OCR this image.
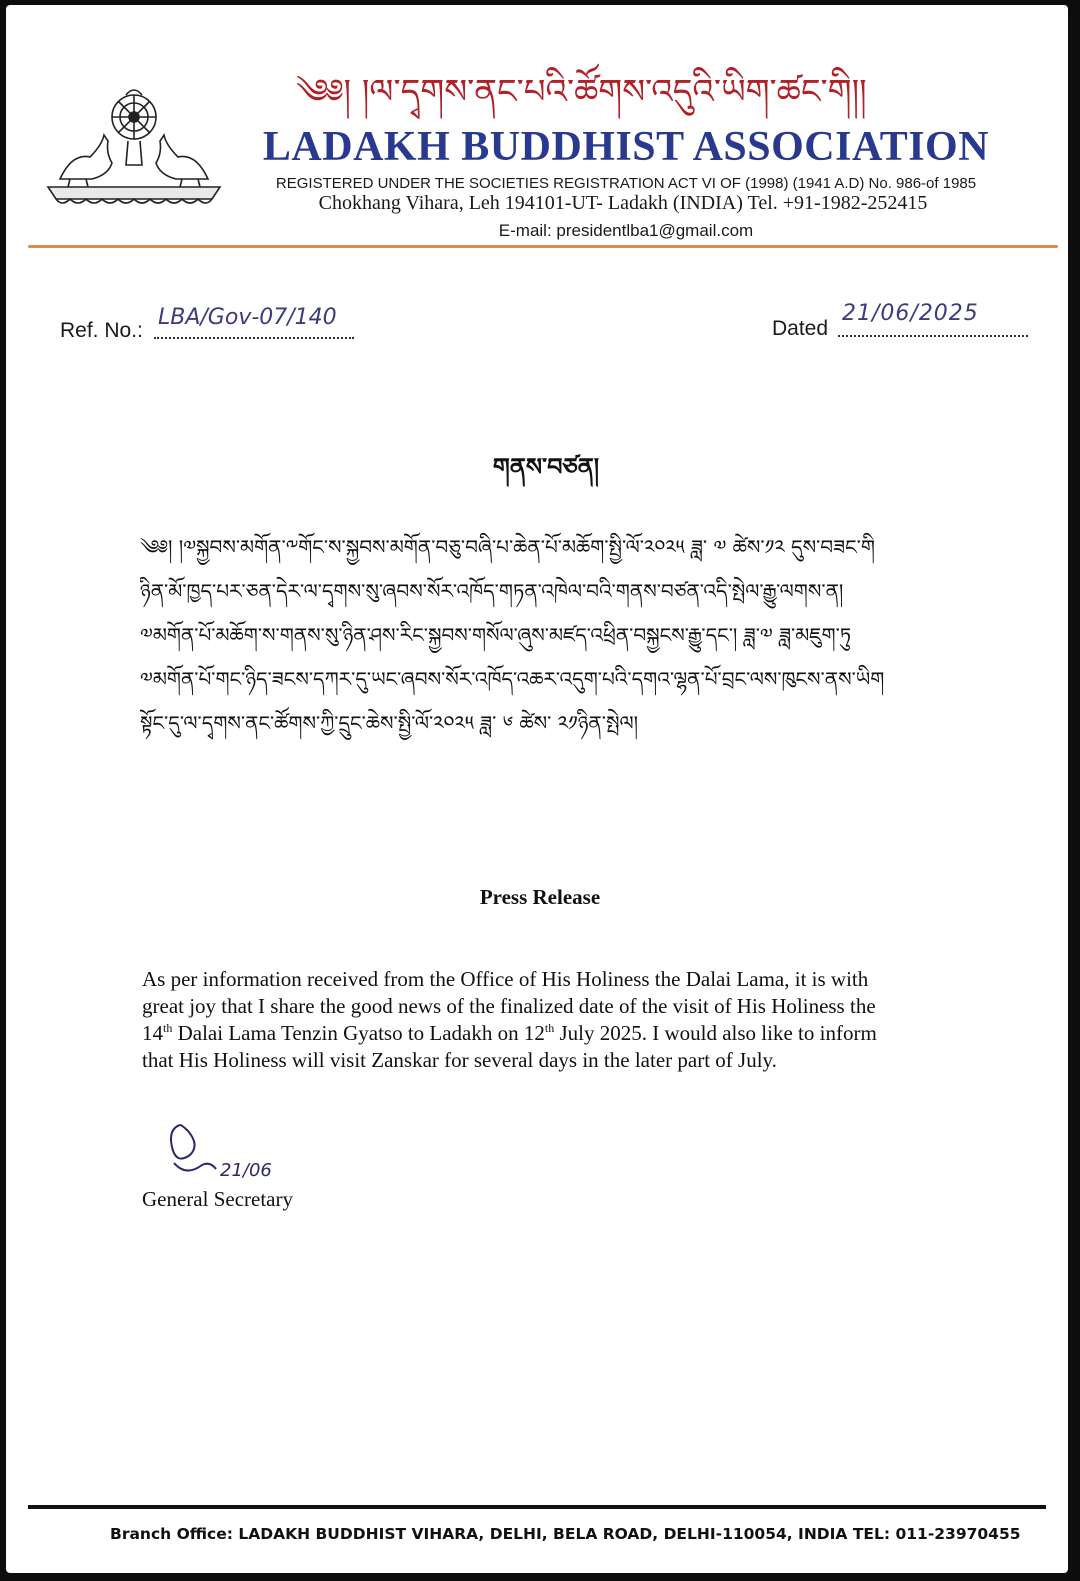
༄༅། །ལ་དྭགས་ནང་པའི་ཚོགས་འདུའི་ཡིག་ཚང་གི།།
LADAKH BUDDHIST ASSOCIATION
REGISTERED UNDER THE SOCIETIES REGISTRATION ACT VI OF (1998) (1941 A.D) No. 986-of 1985
Chokhang Vihara, Leh 194101-UT- Ladakh (INDIA) Tel. +91-1982-252415
E-mail: presidentlba1@gmail.com
Ref. No.:
LBA/Gov-07/140	Dated
21/06/2025
གནས་བཙན།
༄༅། །༧སྐྱབས་མགོན་༸གོང་ས་སྐྱབས་མགོན་བཅུ་བཞི་པ་ཆེན་པོ་མཆོག་སྤྱི་ལོ་༢༠༢༥ ཟླ་ ༧ ཚེས་༡༢ དུས་བཟང་གི
ཉིན་མོ་ཁྱད་པར་ཅན་དེར་ལ་དྭགས་སུ་ཞབས་སོར་འཁོད་གཏན་འཁེལ་བའི་གནས་བཙན་འདི་སྤེལ་རྒྱུ་ལགས་ན།
༧མགོན་པོ་མཆོག་ས་གནས་སུ་ཉིན་ཤས་རིང་སྐྱབས་གསོལ་ཞུས་མཛད་འཕྲིན་བསྐྱངས་རྒྱུ་དང་། ཟླ་༧ ཟླ་མཇུག་ཏུ
༧མགོན་པོ་གང་ཉིད་ཟངས་དཀར་དུ་ཡང་ཞབས་སོར་འཁོད་འཆར་འདུག་པའི་དགའ་ལྷན་པོ་བྲང་ལས་ཁུངས་ནས་ཡིག
སྟོང་དུ་ལ་དྭགས་ནང་ཚོགས་ཀྱི་དྲུང་ཆེས་སྤྱི་ལོ་༢༠༢༥ ཟླ་ ༦ ཚེས་ ༢༡ཉིན་སྤེལ།
Press Release
As per information received from the Office of His Holiness the Dalai Lama, it is with
great joy that I share the good news of the finalized date of the visit of His Holiness the
14th Dalai Lama Tenzin Gyatso to Ladakh on 12th July 2025. I would also like to inform
that His Holiness will visit Zanskar for several days in the later part of July.
21/06
General Secretary
Branch Office: LADAKH BUDDHIST VIHARA, DELHI, BELA ROAD, DELHI-110054, INDIA TEL: 011-23970455
